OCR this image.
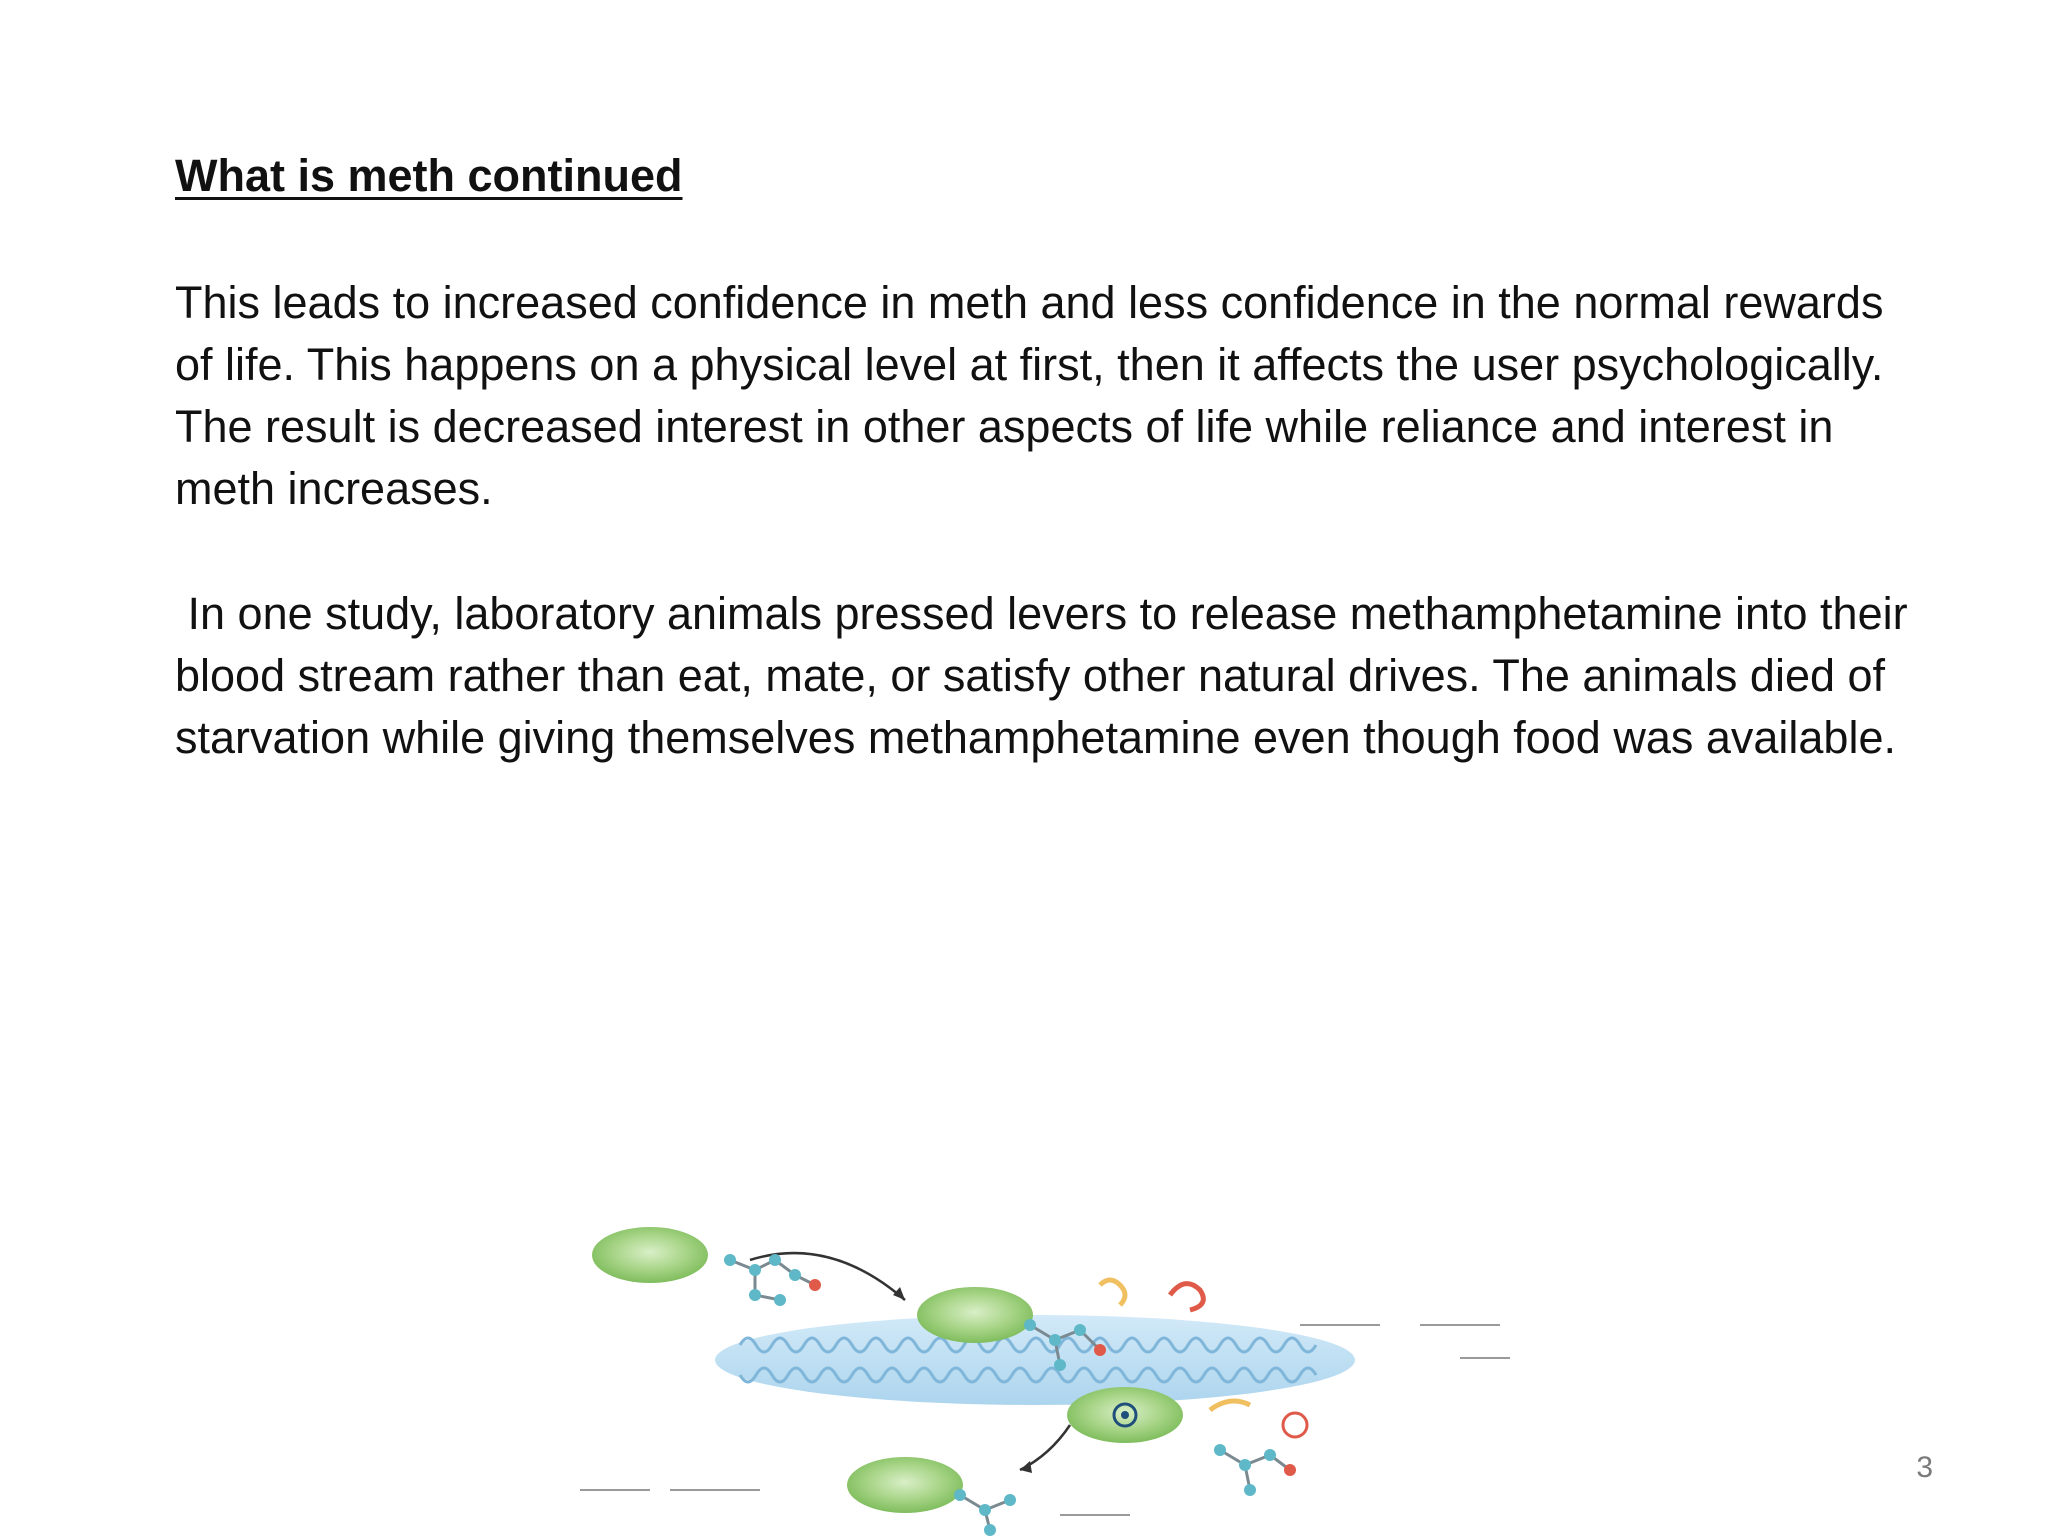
What is meth continued

This leads to increased confidence in meth and less confidence in the normal rewards of life. This happens on a physical level at first, then it affects the user psychologically. The result is decreased interest in other aspects of life while reliance and interest in meth increases.

In one study, laboratory animals pressed levers to release methamphetamine into their blood stream rather than eat, mate, or satisfy other natural drives. The animals died of starvation while giving themselves methamphetamine even though food was available.

3
